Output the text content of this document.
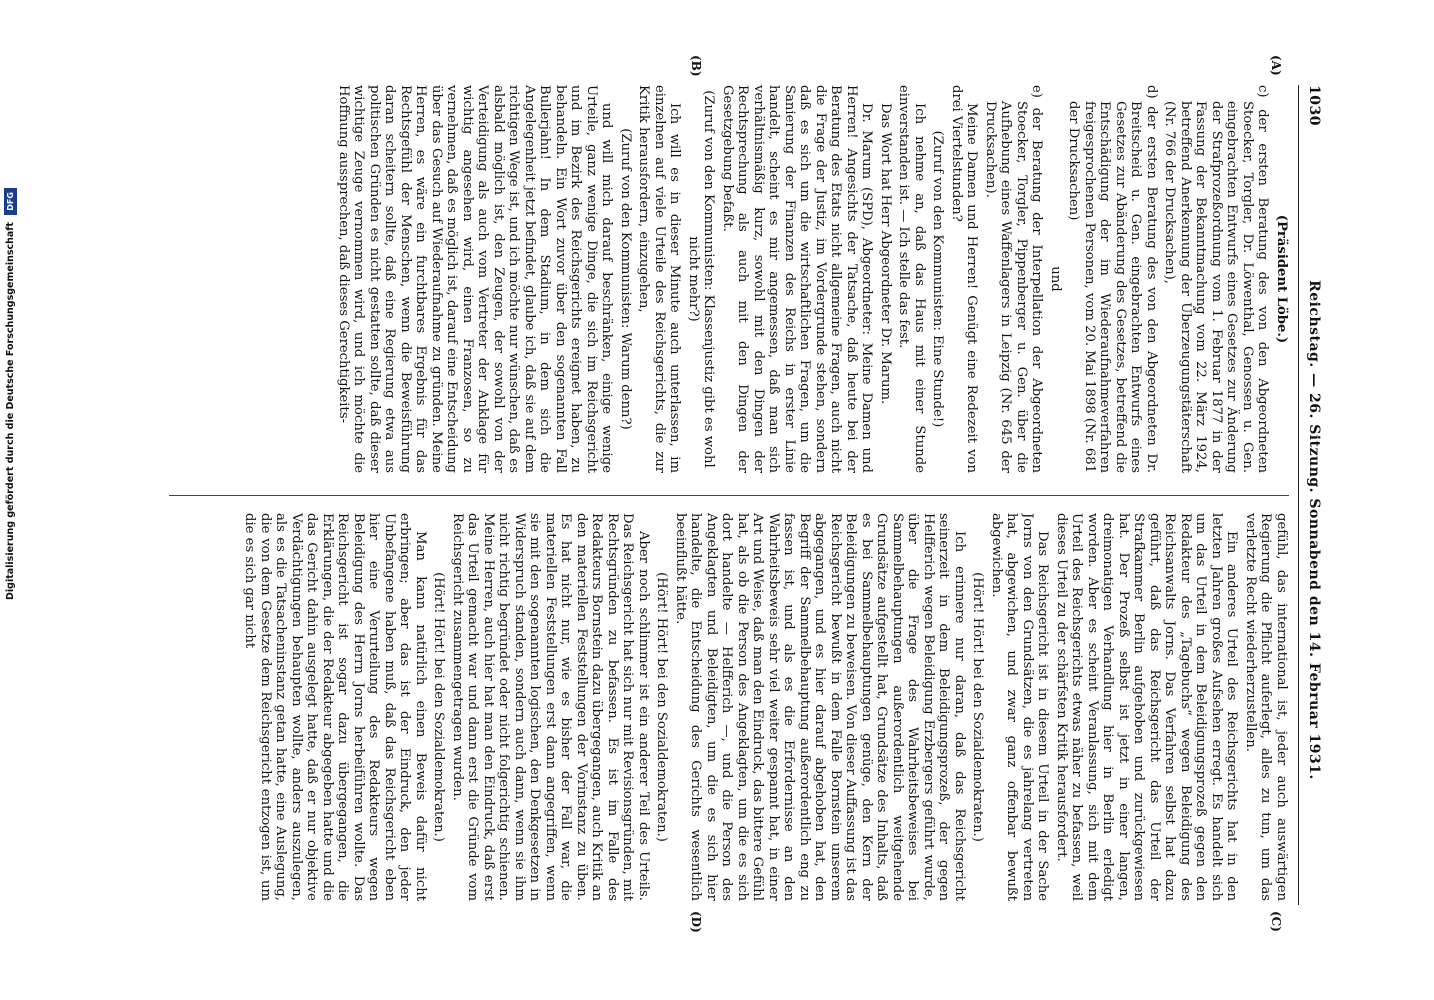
1030
Reichstag. — 26. Sitzung. Sonnabend den 14. Februar 1931.
(A)
(B)
(C)
(D)

(Präsident Löbe.)

c) der ersten Beratung des von den Abgeordneten Stoecker, Torgler, Dr. Löwenthal, Genossen u. Gen. eingebrachten Entwurfs eines Gesetzes zur Änderung der Strafprozeßordnung vom 1. Februar 1877 in der Fassung der Bekanntmachung vom 22. März 1924, betreffend Anerkennung der Überzeugungstäterschaft (Nr. 766 der Drucksachen),

d) der ersten Beratung des von den Abgeordneten Dr. Breitscheid u. Gen. eingebrachten Entwurfs eines Gesetzes zur Abänderung des Gesetzes, betreffend die Entschädigung der im Wiederaufnahmeverfahren freigesprochenen Personen, vom 20. Mai 1898 (Nr. 681 der Drucksachen)

und

e) der Beratung der Interpellation der Abgeordneten Stoecker, Torgler, Pippenberger u. Gen. über die Aufhebung eines Waffenlagers in Leipzig (Nr. 645 der Drucksachen).

Meine Damen und Herren! Genügt eine Redezeit von drei Viertelstunden?

(Zuruf von den Kommunisten: Eine Stunde!)

Ich nehme an, daß das Haus mit einer Stunde einverstanden ist. — Ich stelle das fest.

Das Wort hat Herr Abgeordneter Dr. Marum.

Dr. Marum (SPD), Abgeordneter: Meine Damen und Herren! Angesichts der Tatsache, daß heute bei der Beratung des Etats nicht allgemeine Fragen, auch nicht die Frage der Justiz, im Vordergrunde stehen, sondern daß es sich um die wirtschaftlichen Fragen, um die Sanierung der Finanzen des Reichs in erster Linie handelt, scheint es mir angemessen, daß man sich verhältnismäßig kurz, sowohl mit den Dingen der Rechtsprechung als auch mit den Dingen der Gesetzgebung befaßt.

(Zuruf von den Kommunisten: Klassenjustiz gibt es wohl nicht mehr?)

Ich will es in dieser Minute auch unterlassen, im einzelnen auf viele Urteile des Reichsgerichts, die zur Kritik herausfordern, einzugehen,

(Zuruf von den Kommunisten: Warum denn?)

und will mich darauf beschränken, einige wenige Urteile, ganz wenige Dinge, die sich im Reichsgericht und im Bezirk des Reichsgerichts ereignet haben, zu behandeln. Ein Wort zuvor über den sogenannten Fall Bullerjahn! In dem Stadium, in dem sich die Angelegenheit jetzt befindet, glaube ich, daß sie auf dem richtigen Wege ist, und ich möchte nur wünschen, daß es alsbald möglich ist, den Zeugen, der sowohl von der Verteidigung als auch vom Vertreter der Anklage für wichtig angesehen wird, einen Franzosen, so zu vernehmen, daß es möglich ist, darauf eine Entscheidung über das Gesuch auf Wiederaufnahme zu gründen. Meine Herren, es wäre ein furchtbares Ergebnis für das Rechtsgefühl der Menschen, wenn die Beweisführung daran scheitern sollte, daß eine Regierung etwa aus politischen Gründen es nicht gestatten sollte, daß dieser wichtige Zeuge vernommen wird, und ich möchte die Hoffnung aussprechen, daß dieses Gerechtigkeits-

gefühl, das international ist, jeder auch auswärtigen Regierung die Pflicht auferlegt, alles zu tun, um das verletzte Recht wiederherzustellen.

Ein anderes Urteil des Reichsgerichts hat in den letzten Jahren großes Aufsehen erregt. Es handelt sich um das Urteil in dem Beleidigungsprozeß gegen den Redakteur des „Tagebuchs“ wegen Beleidigung des Reichsanwalts Jorns. Das Verfahren selbst hat dazu geführt, daß das Reichsgericht das Urteil der Strafkammer Berlin aufgehoben und zurückgewiesen hat. Der Prozeß selbst ist jetzt in einer langen, dreimonatigen Verhandlung hier in Berlin erledigt worden. Aber es scheint Veranlassung, sich mit dem Urteil des Reichsgerichts etwas näher zu befassen, weil dieses Urteil zu der schärfsten Kritik herausfordert.

Das Reichsgericht ist in diesem Urteil in der Sache Jorns von den Grundsätzen, die es jahrelang vertreten hat, abgewichen, und zwar ganz offenbar bewußt abgewichen.

(Hört! Hört! bei den Sozialdemokraten.)

Ich erinnere nur daran, daß das Reichsgericht seinerzeit in dem Beleidigungsprozeß, der gegen Helfferich wegen Beleidigung Erzbergers geführt wurde, über die Frage des Wahrheitsbeweises bei Sammelbehauptungen außerordentlich weitgehende Grundsätze aufgestellt hat, Grundsätze des Inhalts, daß es bei Sammelbehauptungen genüge, den Kern der Beleidigungen zu beweisen. Von dieser Auffassung ist das Reichsgericht bewußt in dem Falle Bornstein unserem abgegangen, und es hier darauf abgehoben hat, den Begriff der Sammelbehauptung außerordentlich eng zu fassen ist, und als es die Erfordernisse an den Wahrheitsbeweis sehr viel weiter gespannt hat, in einer Art und Weise, daß man den Eindruck, das bittere Gefühl hat, als ob die Person des Angeklagten, um die es sich dort handelte — Helfferich —, und die Person des Angeklagten und Beleidigten, um die es sich hier handelte, die Entscheidung des Gerichts wesentlich beeinflußt hätte.

(Hört! Hört! bei den Sozialdemokraten.)

Aber noch schlimmer ist ein anderer Teil des Urteils. Das Reichsgericht hat sich nur mit Revisionsgründen, mit Rechtsgründen zu befassen. Es ist im Falle des Redakteurs Bornstein dazu übergegangen, auch Kritik an den materiellen Feststellungen der Vorinstanz zu üben. Es hat nicht nur, wie es bisher der Fall war, die materiellen Feststellungen erst dann angegriffen, wenn sie mit den sogenannten logischen, den Denkgesetzen in Widerspruch standen, sondern auch dann, wenn sie ihm nicht richtig begründet oder nicht folgerichtig schienen. Meine Herren, auch hier hat man den Eindruck, daß erst das Urteil gemacht war und dann erst die Gründe vom Reichsgericht zusammengetragen wurden.

(Hört! Hört! bei den Sozialdemokraten.)

Man kann natürlich einen Beweis dafür nicht erbringen; aber das ist der Eindruck, den jeder Unbefangene haben muß, daß das Reichsgericht eben hier eine Verurteilung des Redakteurs wegen Beleidigung des Herrn Jorns herbeiführen wollte. Das Reichsgericht ist sogar dazu übergegangen, die Erklärungen, die der Redakteur abgegeben hatte und die das Gericht dahin ausgelegt hatte, daß er nur objektive Verdächtigungen behaupten wollte, anders auszulegen, als es die Tatsacheninstanz getan hatte, eine Auslegung, die von dem Gesetze dem Reichsgericht entzogen ist, um die es sich gar nicht

Digitalisierung gefördert durch die Deutsche Forschungsgemeinschaft DFG
